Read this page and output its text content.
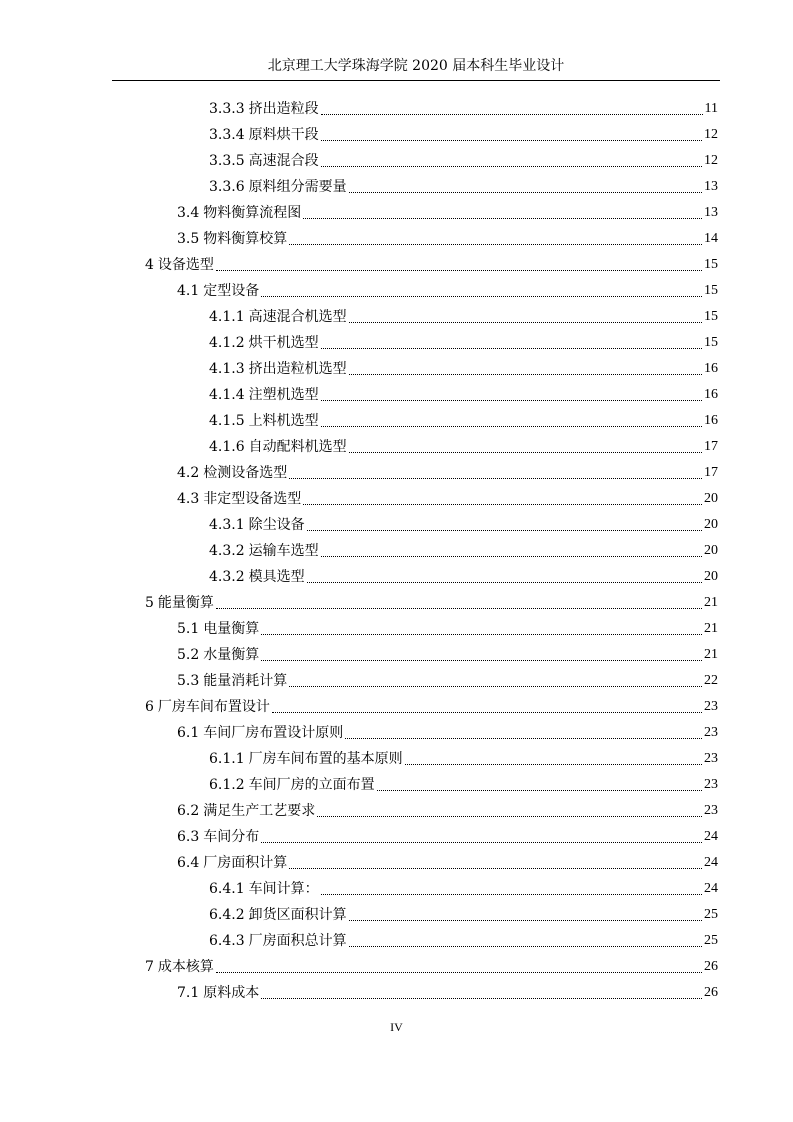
北京理工大学珠海学院 2020 届本科生毕业设计
3.3.3 挤出造粒段	11
3.3.4 原料烘干段	12
3.3.5 高速混合段	12
3.3.6 原料组分需要量	13
3.4 物料衡算流程图	13
3.5 物料衡算校算	14
4 设备选型	15
4.1 定型设备	15
4.1.1 高速混合机选型	15
4.1.2 烘干机选型	15
4.1.3 挤出造粒机选型	16
4.1.4 注塑机选型	16
4.1.5 上料机选型	16
4.1.6 自动配料机选型	17
4.2 检测设备选型	17
4.3 非定型设备选型	20
4.3.1 除尘设备	20
4.3.2 运输车选型	20
4.3.2 模具选型	20
5 能量衡算	21
5.1 电量衡算	21
5.2 水量衡算	21
5.3 能量消耗计算	22
6 厂房车间布置设计	23
6.1 车间厂房布置设计原则	23
6.1.1 厂房车间布置的基本原则	23
6.1.2 车间厂房的立面布置	23
6.2 满足生产工艺要求	23
6.3 车间分布	24
6.4 厂房面积计算	24
6.4.1 车间计算：	24
6.4.2 卸货区面积计算	25
6.4.3 厂房面积总计算	25
7 成本核算	26
7.1 原料成本	26
IV
